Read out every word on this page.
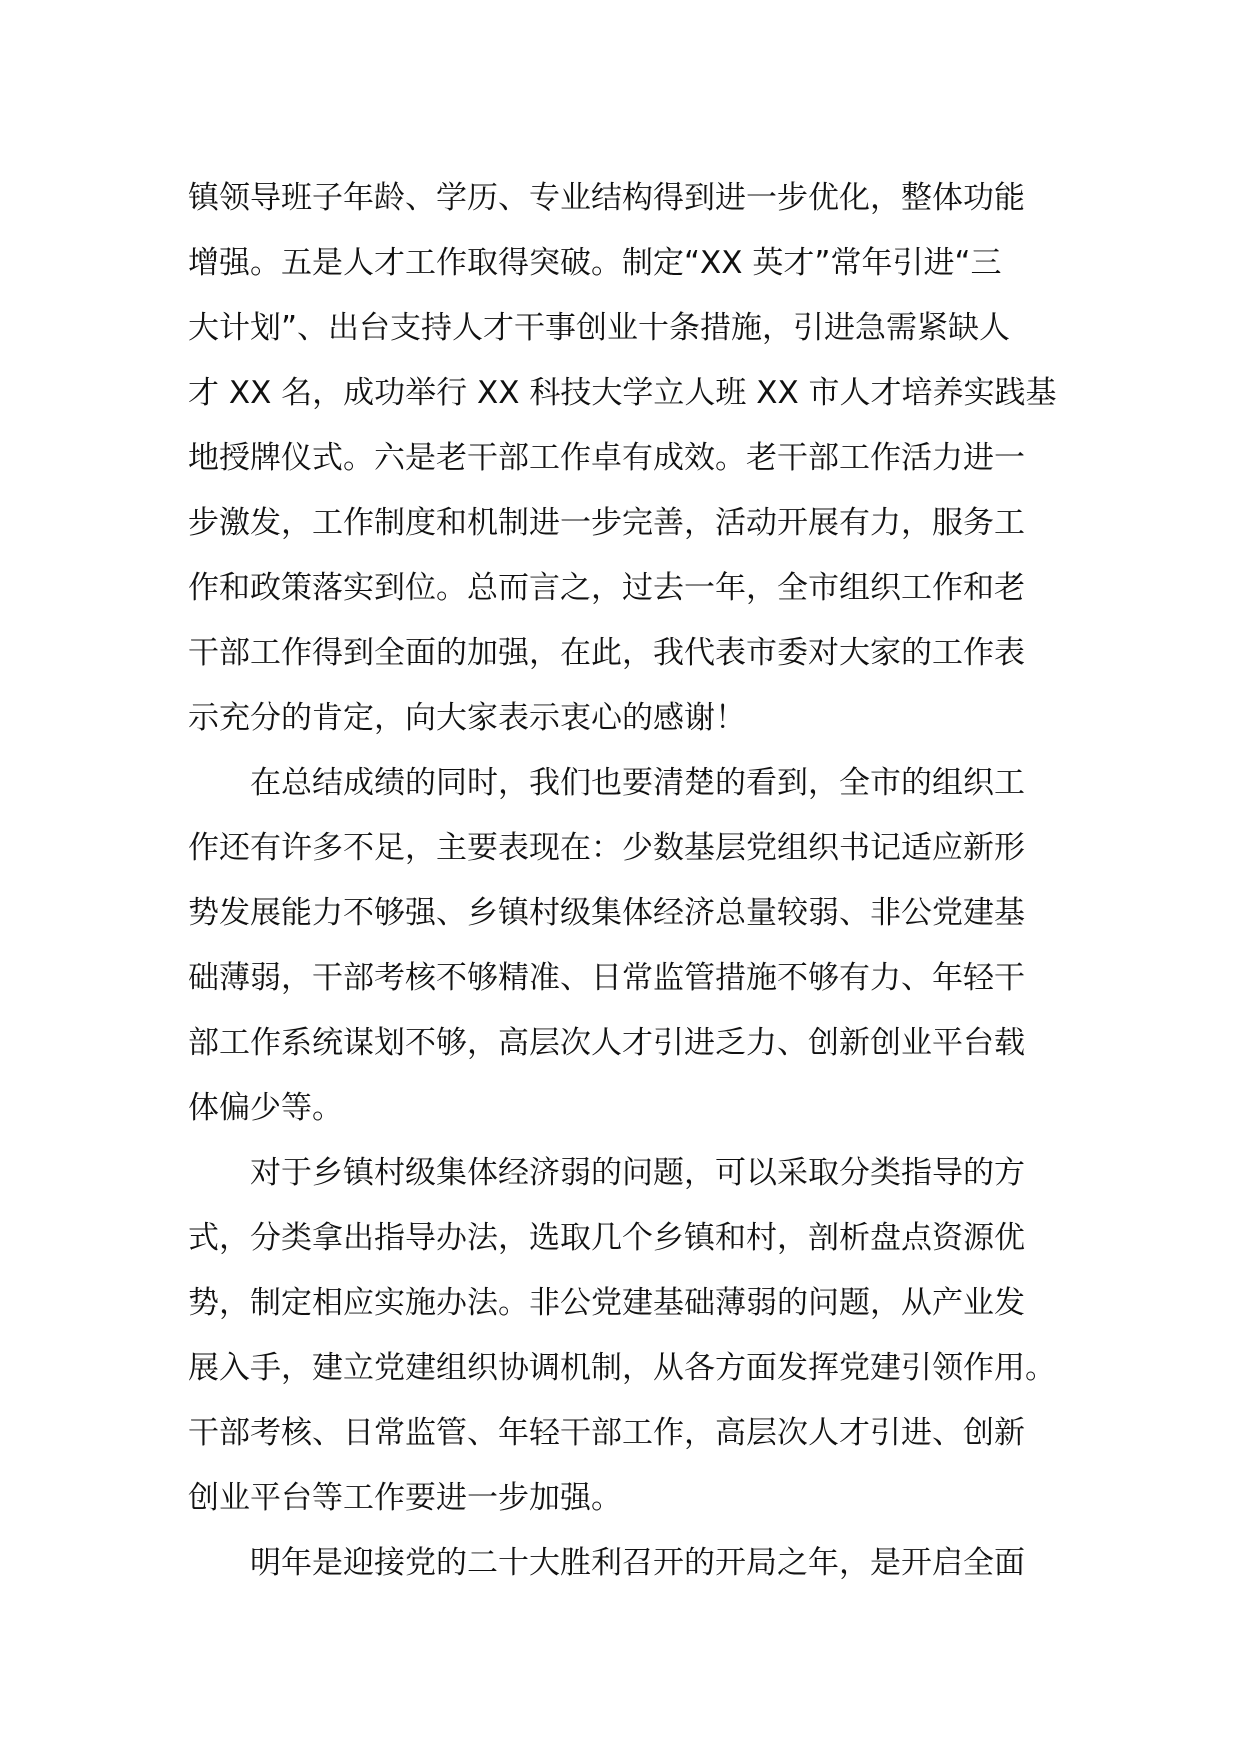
镇领导班子年龄、学历、专业结构得到进一步优化，整体功能
增强。五是人才工作取得突破。制定“XX 英才”常年引进“三
大计划”、出台支持人才干事创业十条措施，引进急需紧缺人
才 XX 名，成功举行 XX 科技大学立人班 XX 市人才培养实践基
地授牌仪式。六是老干部工作卓有成效。老干部工作活力进一
步激发，工作制度和机制进一步完善，活动开展有力，服务工
作和政策落实到位。总而言之，过去一年，全市组织工作和老
干部工作得到全面的加强，在此，我代表市委对大家的工作表
示充分的肯定，向大家表示衷心的感谢！
在总结成绩的同时，我们也要清楚的看到，全市的组织工
作还有许多不足，主要表现在：少数基层党组织书记适应新形
势发展能力不够强、乡镇村级集体经济总量较弱、非公党建基
础薄弱，干部考核不够精准、日常监管措施不够有力、年轻干
部工作系统谋划不够，高层次人才引进乏力、创新创业平台载
体偏少等。
对于乡镇村级集体经济弱的问题，可以采取分类指导的方
式，分类拿出指导办法，选取几个乡镇和村，剖析盘点资源优
势，制定相应实施办法。非公党建基础薄弱的问题，从产业发
展入手，建立党建组织协调机制，从各方面发挥党建引领作用。
干部考核、日常监管、年轻干部工作，高层次人才引进、创新
创业平台等工作要进一步加强。
明年是迎接党的二十大胜利召开的开局之年，是开启全面
